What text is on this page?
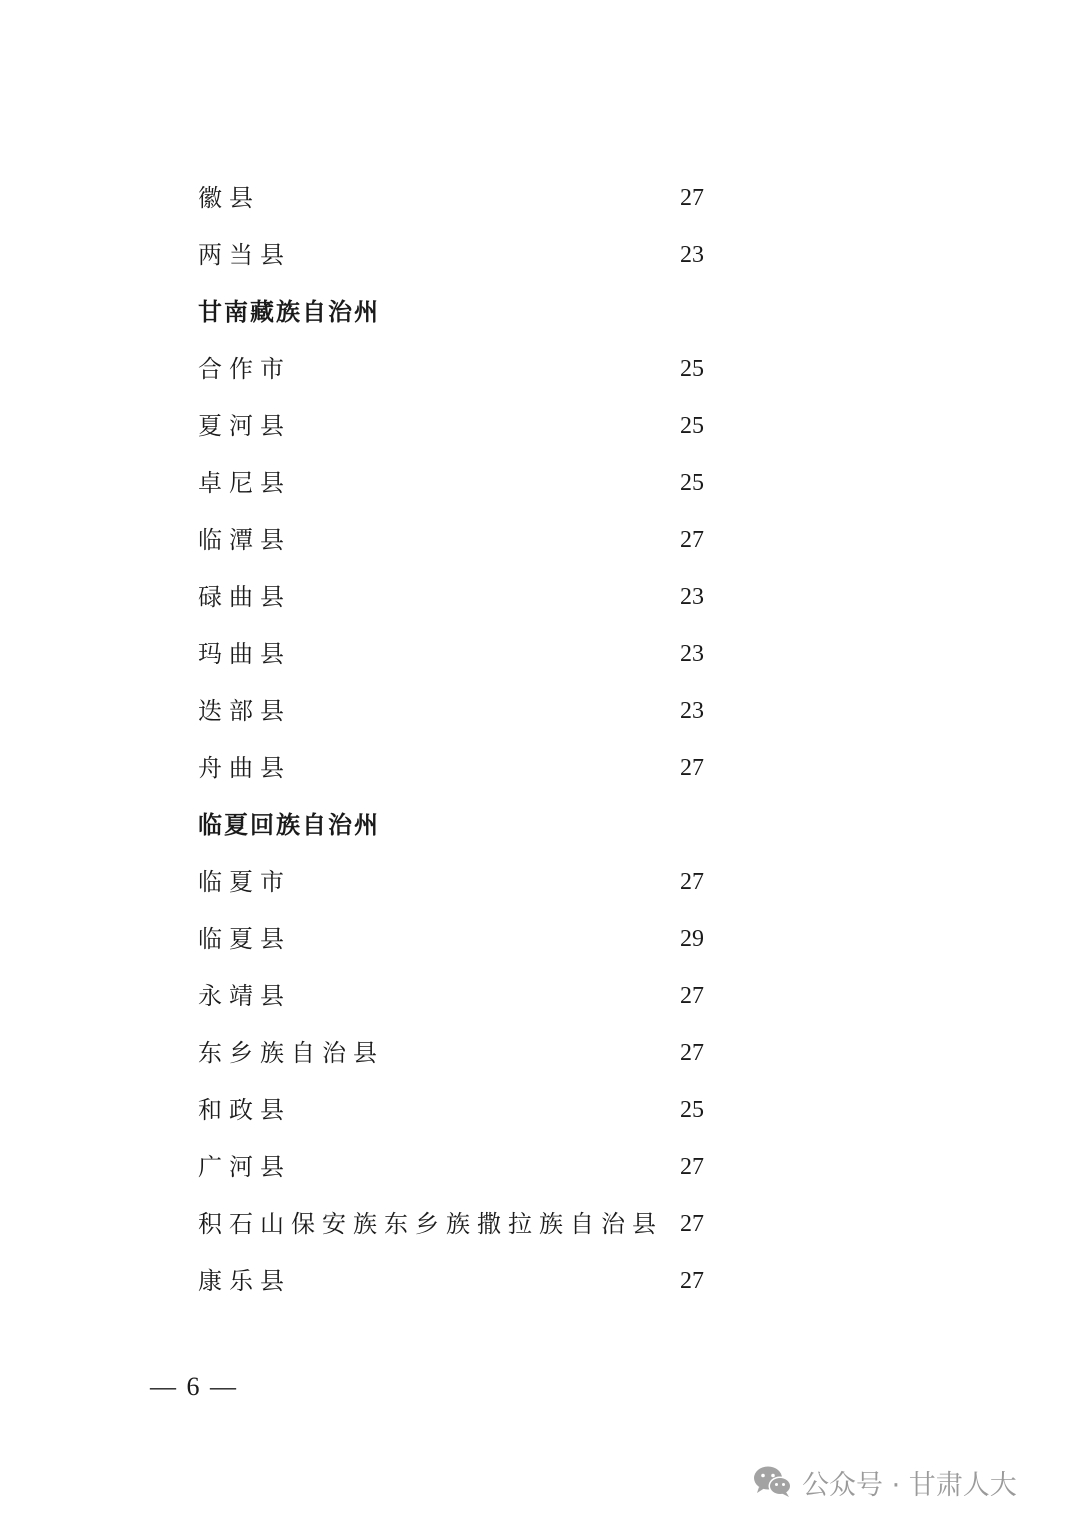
徽县	27
两当县	23
甘南藏族自治州
合作市	25
夏河县	25
卓尼县	25
临潭县	27
碌曲县	23
玛曲县	23
迭部县	23
舟曲县	27
临夏回族自治州
临夏市	27
临夏县	29
永靖县	27
东乡族自治县	27
和政县	25
广河县	27
积石山保安族东乡族撒拉族自治县 27
康乐县	27
— 6 —
公众号 · 甘肃人大
